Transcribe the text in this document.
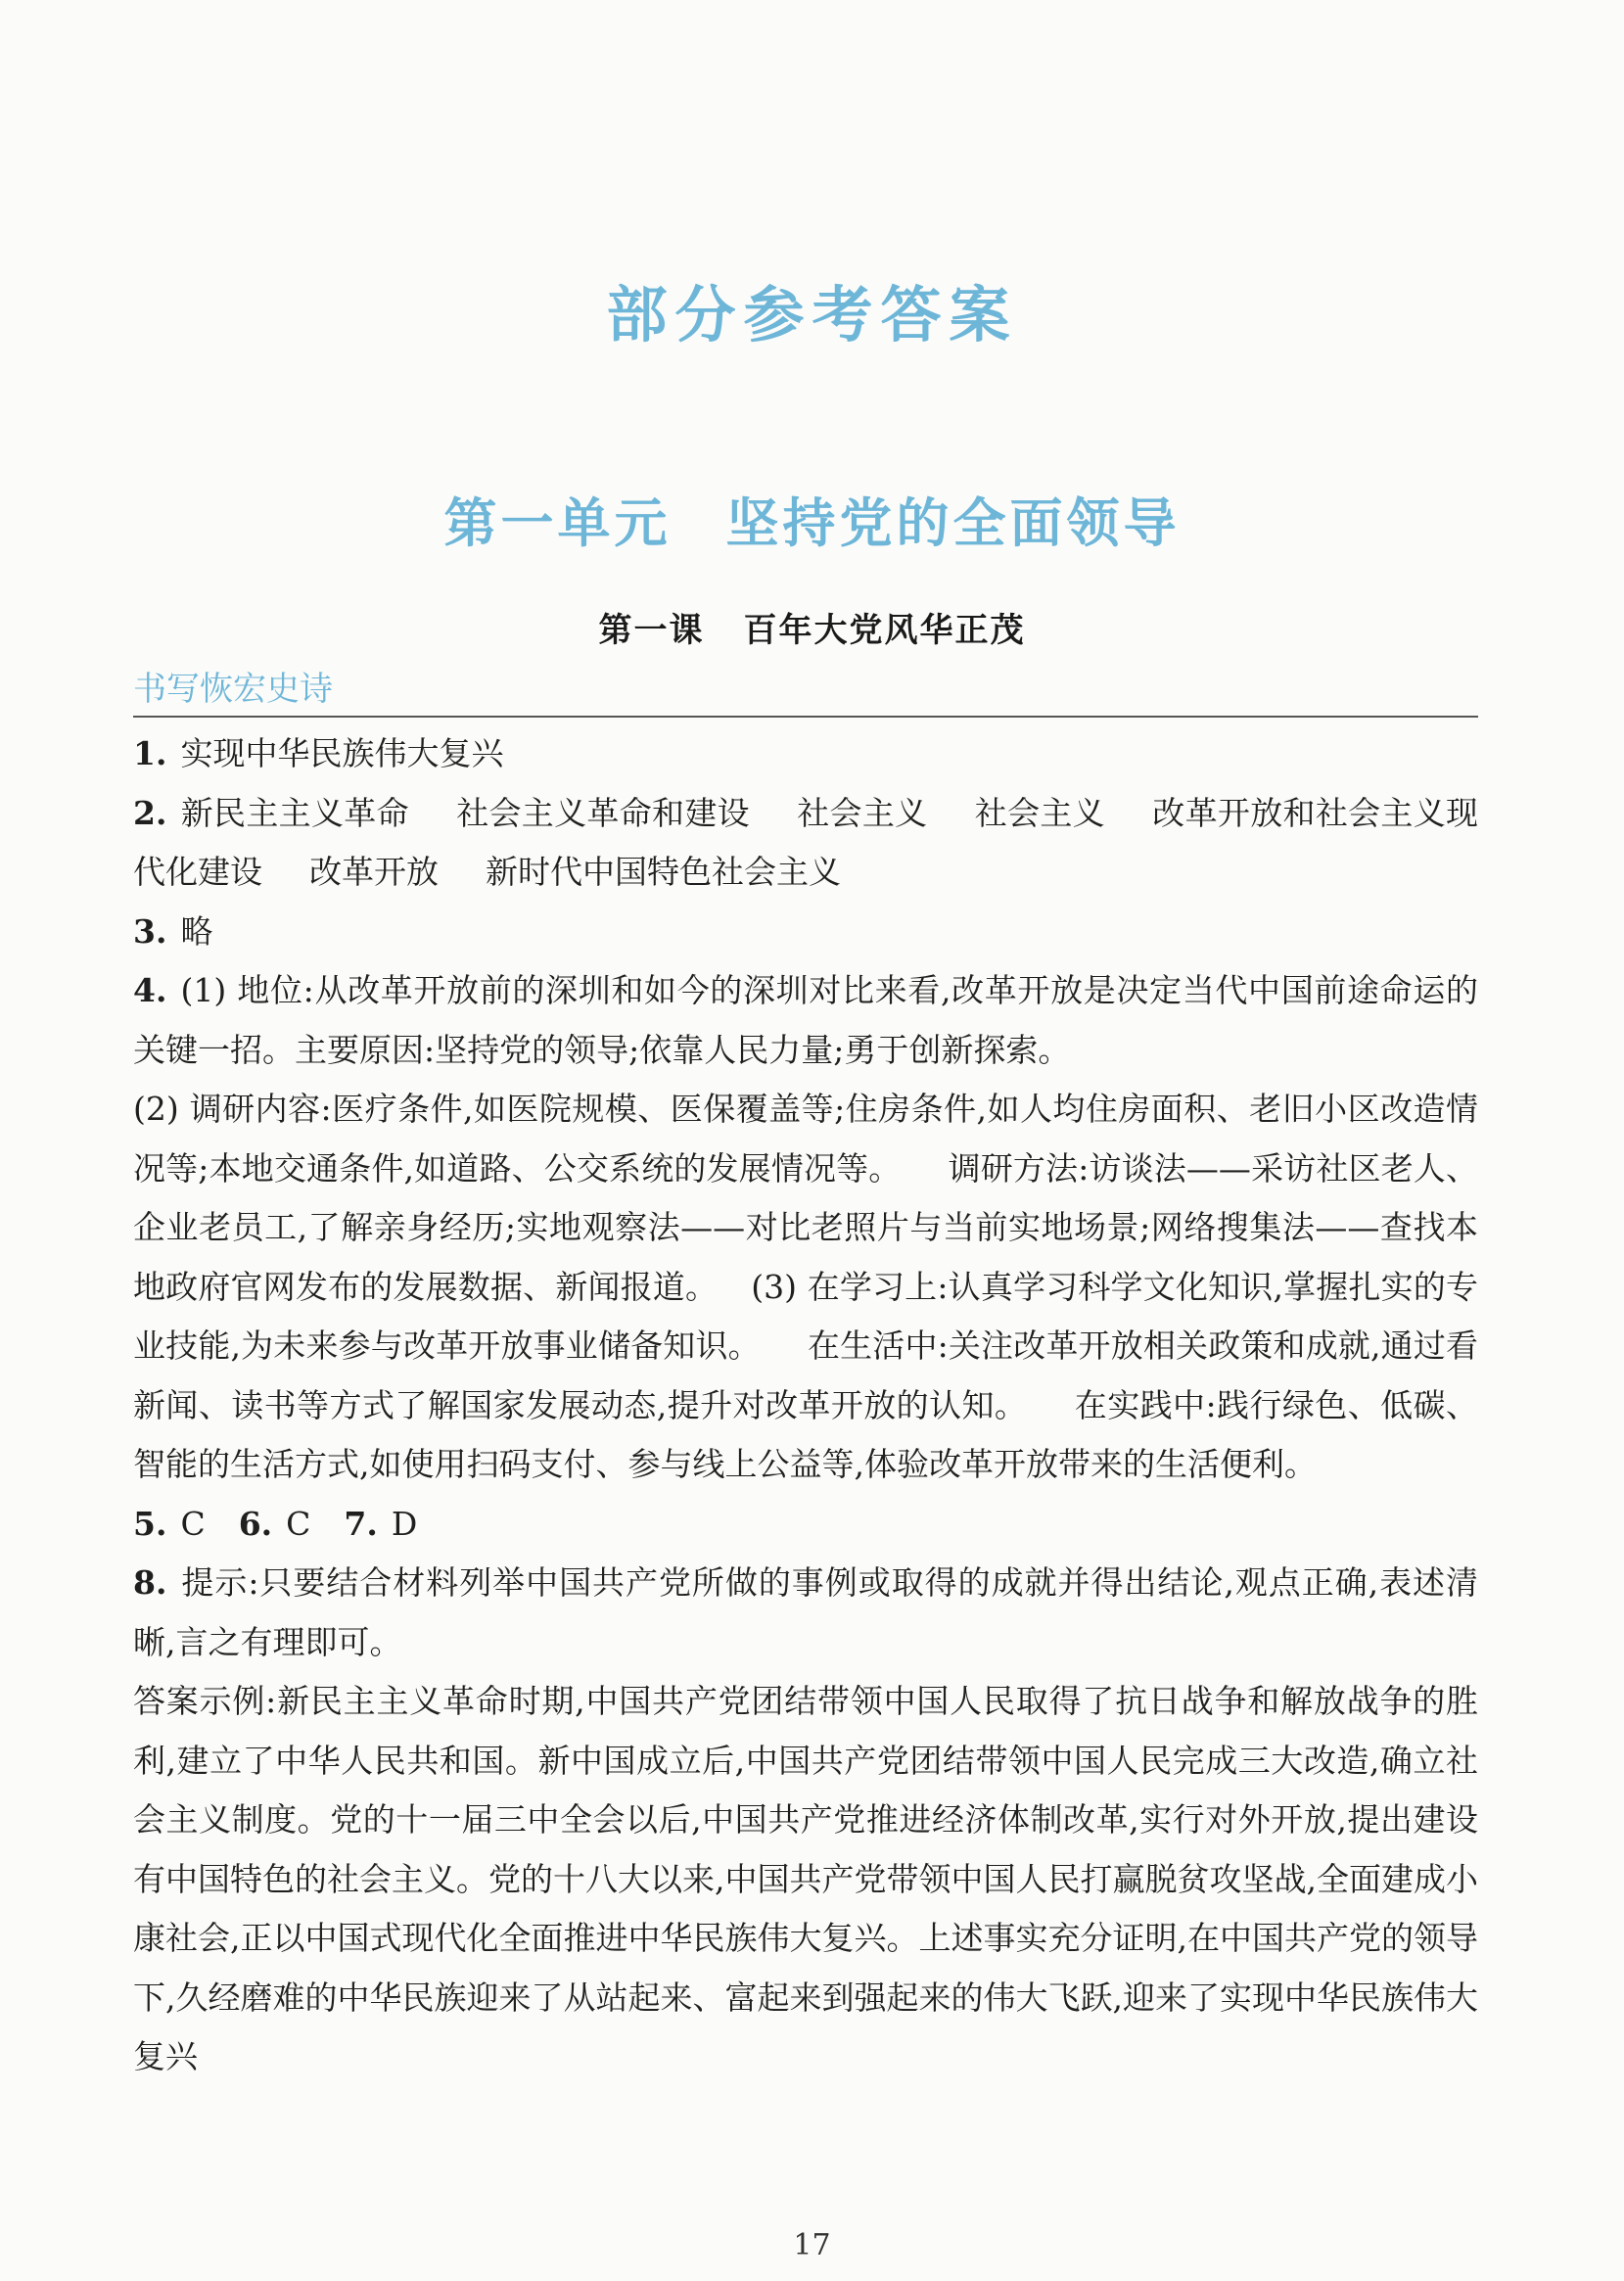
部分参考答案
第一单元 坚持党的全面领导
第一课 百年大党风华正茂
书写恢宏史诗

1. 实现中华民族伟大复兴

2. 新民主主义革命 社会主义革命和建设 社会主义 社会主义 改革开放和社会主义现代化建设 改革开放 新时代中国特色社会主义

3. 略

4. (1) 地位:从改革开放前的深圳和如今的深圳对比来看,改革开放是决定当代中国前途命运的关键一招。主要原因:坚持党的领导;依靠人民力量;勇于创新探索。

(2) 调研内容:医疗条件,如医院规模、医保覆盖等;住房条件,如人均住房面积、老旧小区改造情况等;本地交通条件,如道路、公交系统的发展情况等。 调研方法:访谈法——采访社区老人、企业老员工,了解亲身经历;实地观察法——对比老照片与当前实地场景;网络搜集法——查找本地政府官网发布的发展数据、新闻报道。 (3) 在学习上:认真学习科学文化知识,掌握扎实的专业技能,为未来参与改革开放事业储备知识。 在生活中:关注改革开放相关政策和成就,通过看新闻、读书等方式了解国家发展动态,提升对改革开放的认知。 在实践中:践行绿色、低碳、智能的生活方式,如使用扫码支付、参与线上公益等,体验改革开放带来的生活便利。

5. C 6. C 7. D

8. 提示:只要结合材料列举中国共产党所做的事例或取得的成就并得出结论,观点正确,表述清晰,言之有理即可。

答案示例:新民主主义革命时期,中国共产党团结带领中国人民取得了抗日战争和解放战争的胜利,建立了中华人民共和国。新中国成立后,中国共产党团结带领中国人民完成三大改造,确立社会主义制度。党的十一届三中全会以后,中国共产党推进经济体制改革,实行对外开放,提出建设有中国特色的社会主义。党的十八大以来,中国共产党带领中国人民打赢脱贫攻坚战,全面建成小康社会,正以中国式现代化全面推进中华民族伟大复兴。上述事实充分证明,在中国共产党的领导下,久经磨难的中华民族迎来了从站起来、富起来到强起来的伟大飞跃,迎来了实现中华民族伟大复兴

17
